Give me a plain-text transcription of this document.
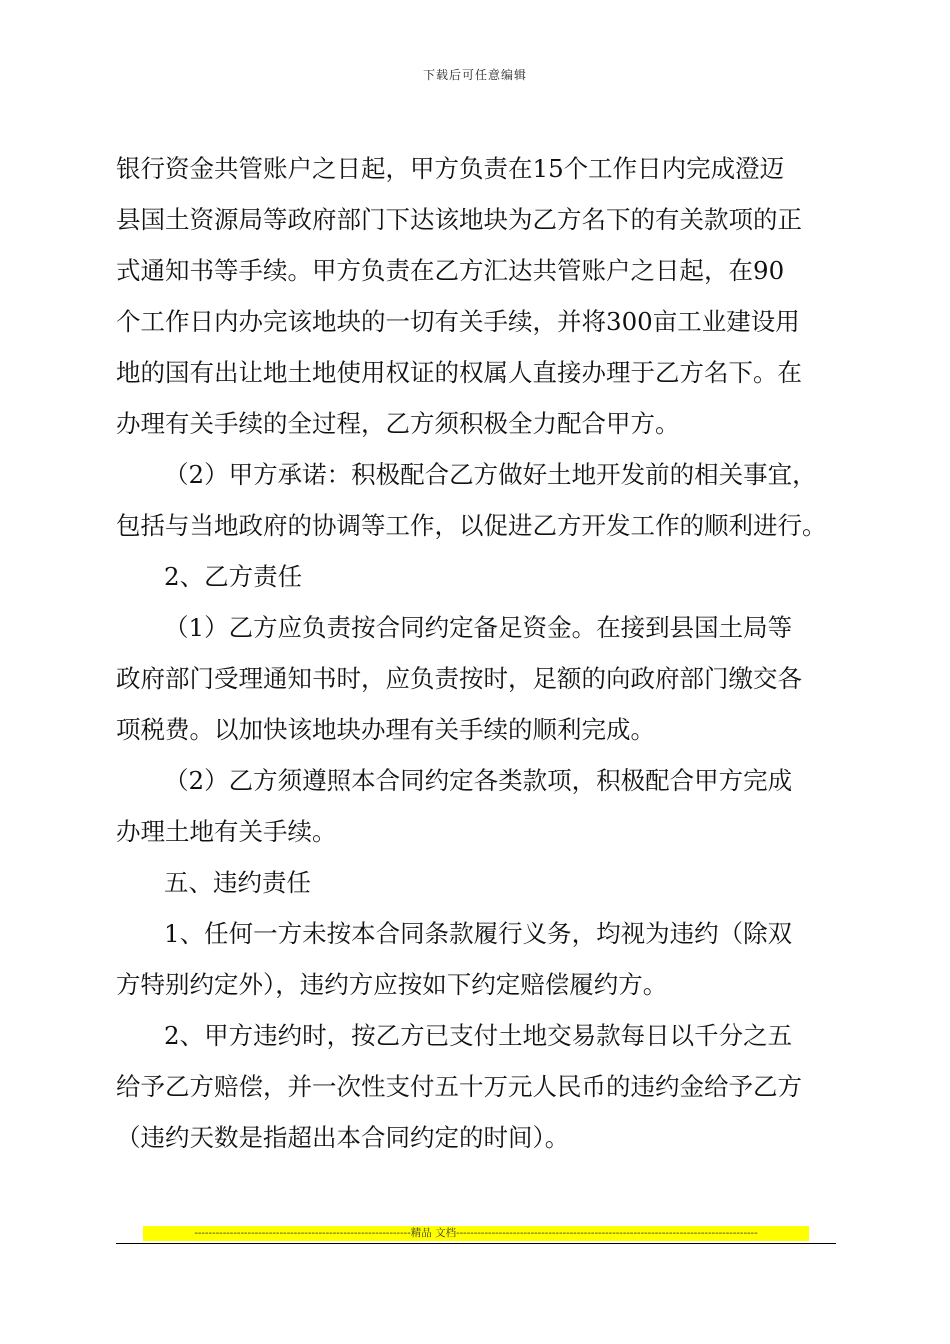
下载后可任意编辑
银行资金共管账户之日起，甲方负责在15个工作日内完成澄迈
县国土资源局等政府部门下达该地块为乙方名下的有关款项的正
式通知书等手续。甲方负责在乙方汇达共管账户之日起，在90
个工作日内办完该地块的一切有关手续，并将300亩工业建设用
地的国有出让地土地使用权证的权属人直接办理于乙方名下。在
办理有关手续的全过程，乙方须积极全力配合甲方。
（2）甲方承诺：积极配合乙方做好土地开发前的相关事宜，
包括与当地政府的协调等工作，以促进乙方开发工作的顺利进行。
2、乙方责任
（1）乙方应负责按合同约定备足资金。在接到县国土局等
政府部门受理通知书时，应负责按时，足额的向政府部门缴交各
项税费。以加快该地块办理有关手续的顺利完成。
（2）乙方须遵照本合同约定各类款项，积极配合甲方完成
办理土地有关手续。
五、违约责任
1、任何一方未按本合同条款履行义务，均视为违约（除双
方特别约定外），违约方应按如下约定赔偿履约方。
2、甲方违约时，按乙方已支付土地交易款每日以千分之五
给予乙方赔偿，并一次性支付五十万元人民币的违约金给予乙方
（违约天数是指超出本合同约定的时间）。
-------------------------------------------------------------精品 文档-------------------------------------------------------------------------------------
